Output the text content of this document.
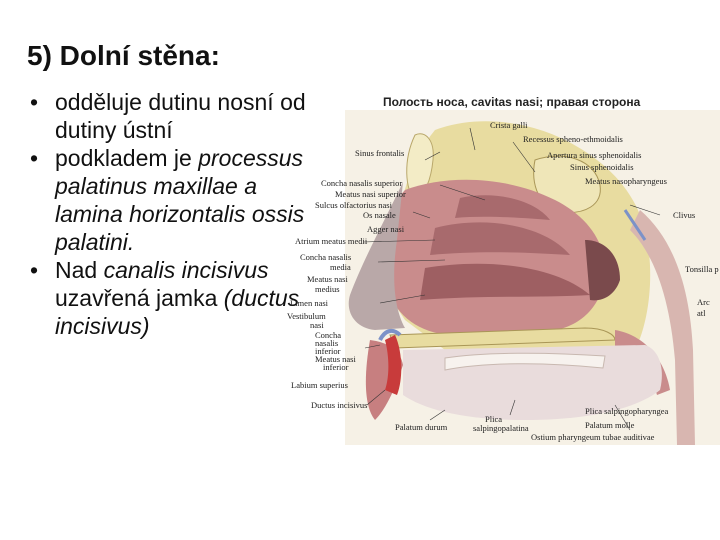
5) Dolní stěna:
• odděluje dutinu nosní od dutiny ústní
• podkladem je processus palatinus maxillae a lamina horizontalis ossis palatini.
• Nad canalis incisivus uzavřená jamka (ductus incisivus)
Полость носа, cavitas nasi; правая сторона
Crista galli
Recessus spheno-ethmoidalis
Apertura sinus sphenoidalis
Sinus sphenoidalis
Meatus nasopharyngeus
Sinus frontalis
Concha nasalis superior
Meatus nasi superior
Sulcus olfactorius nasi
Os nasale
Agger nasi
Atrium meatus medii
Concha nasalis
media
Meatus nasi
medius
Limen nasi
Vestibulum
nasi
Concha
nasalis
inferior
Meatus nasi
inferior
Labium superius
Ductus incisivus
Palatum durum
Plica
salpingopalatina
Clivus
Tonsilla p
Arc
atl
Plica salpingopharyngea
Palatum molle
Ostium pharyngeum tubae auditivae
